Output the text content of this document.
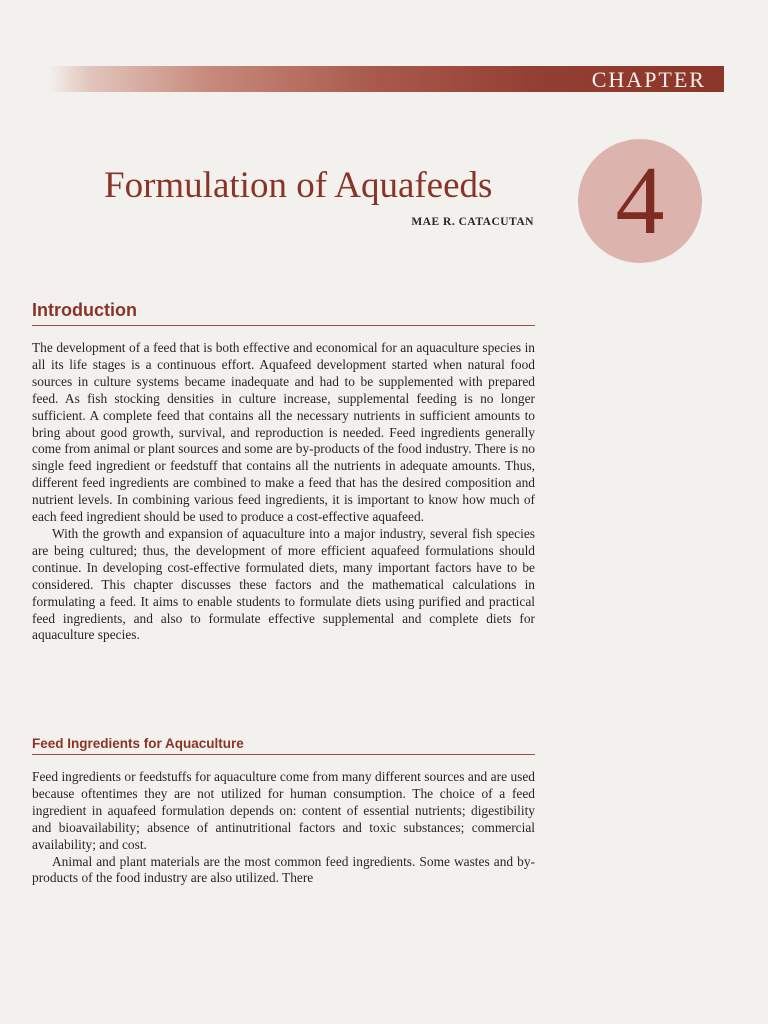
CHAPTER
4
Formulation of Aquafeeds
MAE R. CATACUTAN
Introduction

The development of a feed that is both effective and economical for an aquaculture species in all its life stages is a continuous effort. Aquafeed development started when natural food sources in culture systems became inadequate and had to be supplemented with prepared feed. As fish stocking densities in culture increase, supplemental feeding is no longer sufficient. A complete feed that contains all the necessary nutrients in sufficient amounts to bring about good growth, survival, and reproduction is needed. Feed ingredients generally come from animal or plant sources and some are by-products of the food industry. There is no single feed ingredient or feedstuff that contains all the nutrients in adequate amounts. Thus, different feed ingredients are combined to make a feed that has the desired composition and nutrient levels. In combining various feed ingredients, it is important to know how much of each feed ingredient should be used to produce a cost-effective aquafeed.

With the growth and expansion of aquaculture into a major industry, several fish species are being cultured; thus, the development of more efficient aquafeed formulations should continue. In developing cost-effective formulated diets, many important factors have to be considered. This chapter discusses these factors and the mathematical calculations in formulating a feed. It aims to enable students to formulate diets using purified and practical feed ingredients, and also to formulate effective supplemental and complete diets for aquaculture species.

Feed Ingredients for Aquaculture

Feed ingredients or feedstuffs for aquaculture come from many different sources and are used because oftentimes they are not utilized for human consumption. The choice of a feed ingredient in aquafeed formulation depends on: content of essential nutrients; digestibility and bioavailability; absence of antinutritional factors and toxic substances; commercial availability; and cost.

Animal and plant materials are the most common feed ingredients. Some wastes and by-products of the food industry are also utilized. There
